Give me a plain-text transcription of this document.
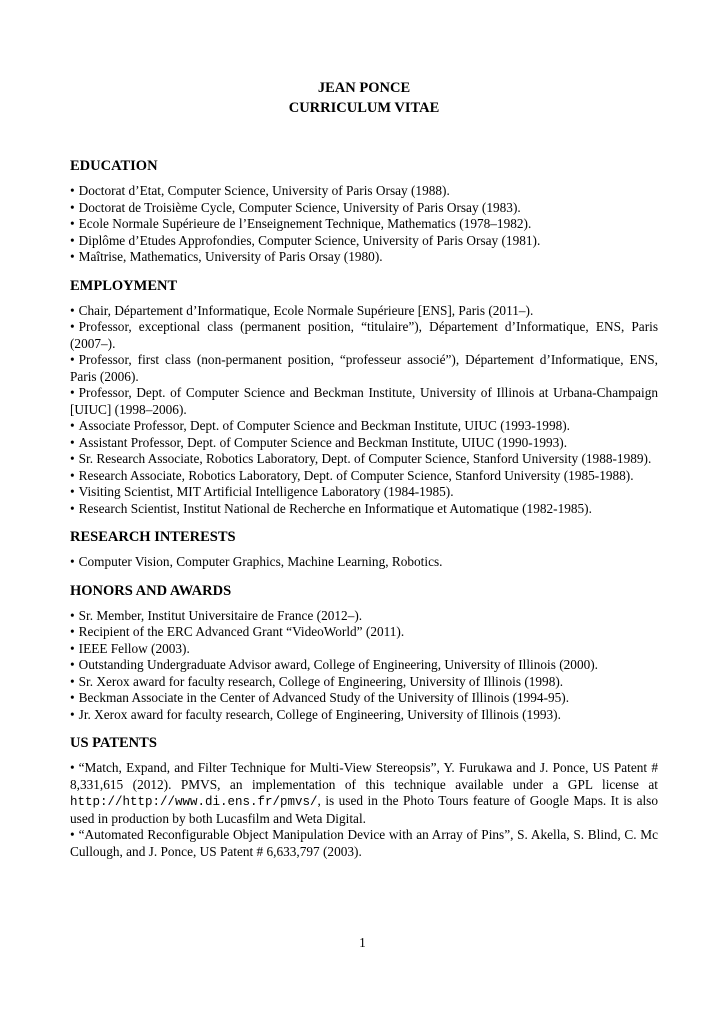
JEAN PONCE

CURRICULUM VITAE

EDUCATION

• Doctorat d’Etat, Computer Science, University of Paris Orsay (1988).

• Doctorat de Troisième Cycle, Computer Science, University of Paris Orsay (1983).

• Ecole Normale Supérieure de l’Enseignement Technique, Mathematics (1978–1982).

• Diplôme d’Etudes Approfondies, Computer Science, University of Paris Orsay (1981).

• Maîtrise, Mathematics, University of Paris Orsay (1980).

EMPLOYMENT

• Chair, Département d’Informatique, Ecole Normale Supérieure [ENS], Paris (2011–).

• Professor, exceptional class (permanent position, “titulaire”), Département d’Informatique, ENS, Paris (2007–).

• Professor, first class (non-permanent position, “professeur associé”), Département d’Informatique, ENS, Paris (2006).

• Professor, Dept. of Computer Science and Beckman Institute, University of Illinois at Urbana-Champaign [UIUC] (1998–2006).

• Associate Professor, Dept. of Computer Science and Beckman Institute, UIUC (1993-1998).

• Assistant Professor, Dept. of Computer Science and Beckman Institute, UIUC (1990-1993).

• Sr. Research Associate, Robotics Laboratory, Dept. of Computer Science, Stanford University (1988-1989).

• Research Associate, Robotics Laboratory, Dept. of Computer Science, Stanford University (1985-1988).

• Visiting Scientist, MIT Artificial Intelligence Laboratory (1984-1985).

• Research Scientist, Institut National de Recherche en Informatique et Automatique (1982-1985).

RESEARCH INTERESTS

• Computer Vision, Computer Graphics, Machine Learning, Robotics.

HONORS AND AWARDS

• Sr. Member, Institut Universitaire de France (2012–).

• Recipient of the ERC Advanced Grant “VideoWorld” (2011).

• IEEE Fellow (2003).

• Outstanding Undergraduate Advisor award, College of Engineering, University of Illinois (2000).

• Sr. Xerox award for faculty research, College of Engineering, University of Illinois (1998).

• Beckman Associate in the Center of Advanced Study of the University of Illinois (1994-95).

• Jr. Xerox award for faculty research, College of Engineering, University of Illinois (1993).

US PATENTS

• “Match, Expand, and Filter Technique for Multi-View Stereopsis”, Y. Furukawa and J. Ponce, US Patent # 8,331,615 (2012). PMVS, an implementation of this technique available under a GPL license at http://http://www.di.ens.fr/pmvs/, is used in the Photo Tours feature of Google Maps. It is also used in production by both Lucasfilm and Weta Digital.

• “Automated Reconfigurable Object Manipulation Device with an Array of Pins”, S. Akella, S. Blind, C. Mc Cullough, and J. Ponce, US Patent # 6,633,797 (2003).

1
